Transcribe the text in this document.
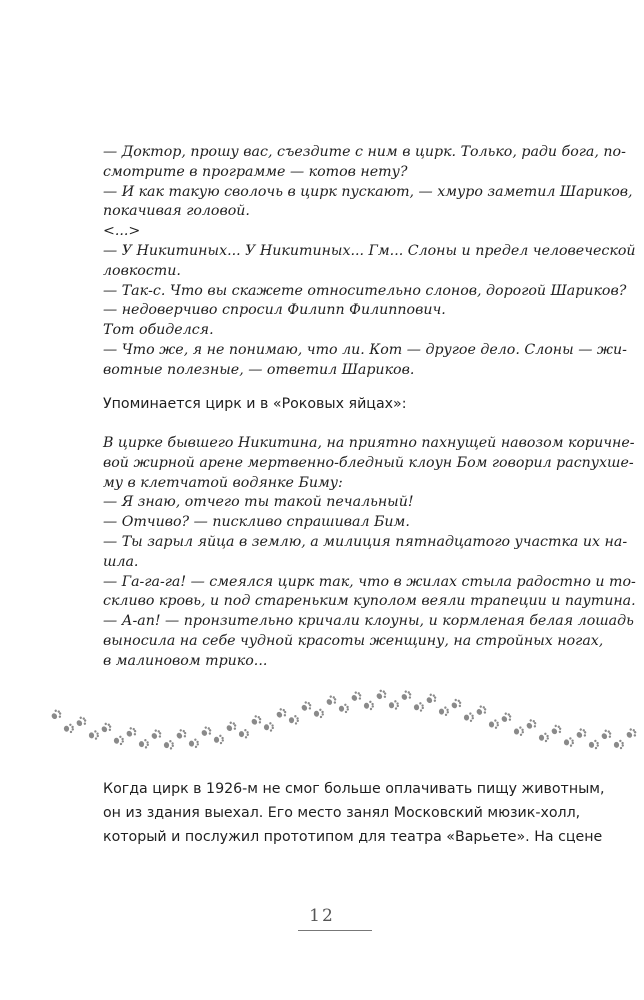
— Доктор, прошу вас, съездите с ним в цирк. Только, ради бога, по-
смотрите в программе — котов нету?
— И как такую сволочь в цирк пускают, — хмуро заметил Шариков,
покачивая головой.
<...>
— У Никитиных... У Никитиных... Гм... Слоны и предел человеческой
ловкости.
— Так-с. Что вы скажете относительно слонов, дорогой Шариков?
— недоверчиво спросил Филипп Филиппович.
Тот обиделся.
— Что же, я не понимаю, что ли. Кот — другое дело. Слоны — жи-
вотные полезные, — ответил Шариков.
Упоминается цирк и в «Роковых яйцах»:
В цирке бывшего Никитина, на приятно пахнущей навозом коричне-
вой жирной арене мертвенно-бледный клоун Бом говорил распухше-
му в клетчатой водянке Биму:
— Я знаю, отчего ты такой печальный!
— Отчиво? — пискливо спрашивал Бим.
— Ты зарыл яйца в землю, а милиция пятнадцатого участка их на-
шла.
— Га-га-га! — смеялся цирк так, что в жилах стыла радостно и то-
скливо кровь, и под стареньким куполом веяли трапеции и паутина.
— А-ап! — пронзительно кричали клоуны, и кормленая белая лошадь
выносила на себе чудной красоты женщину, на стройных ногах,
в малиновом трико...
Когда цирк в 1926-м не смог больше оплачивать пищу животным,
он из здания выехал. Его место занял Московский мюзик-холл,
который и послужил прототипом для театра «Варьете». На сцене
12
